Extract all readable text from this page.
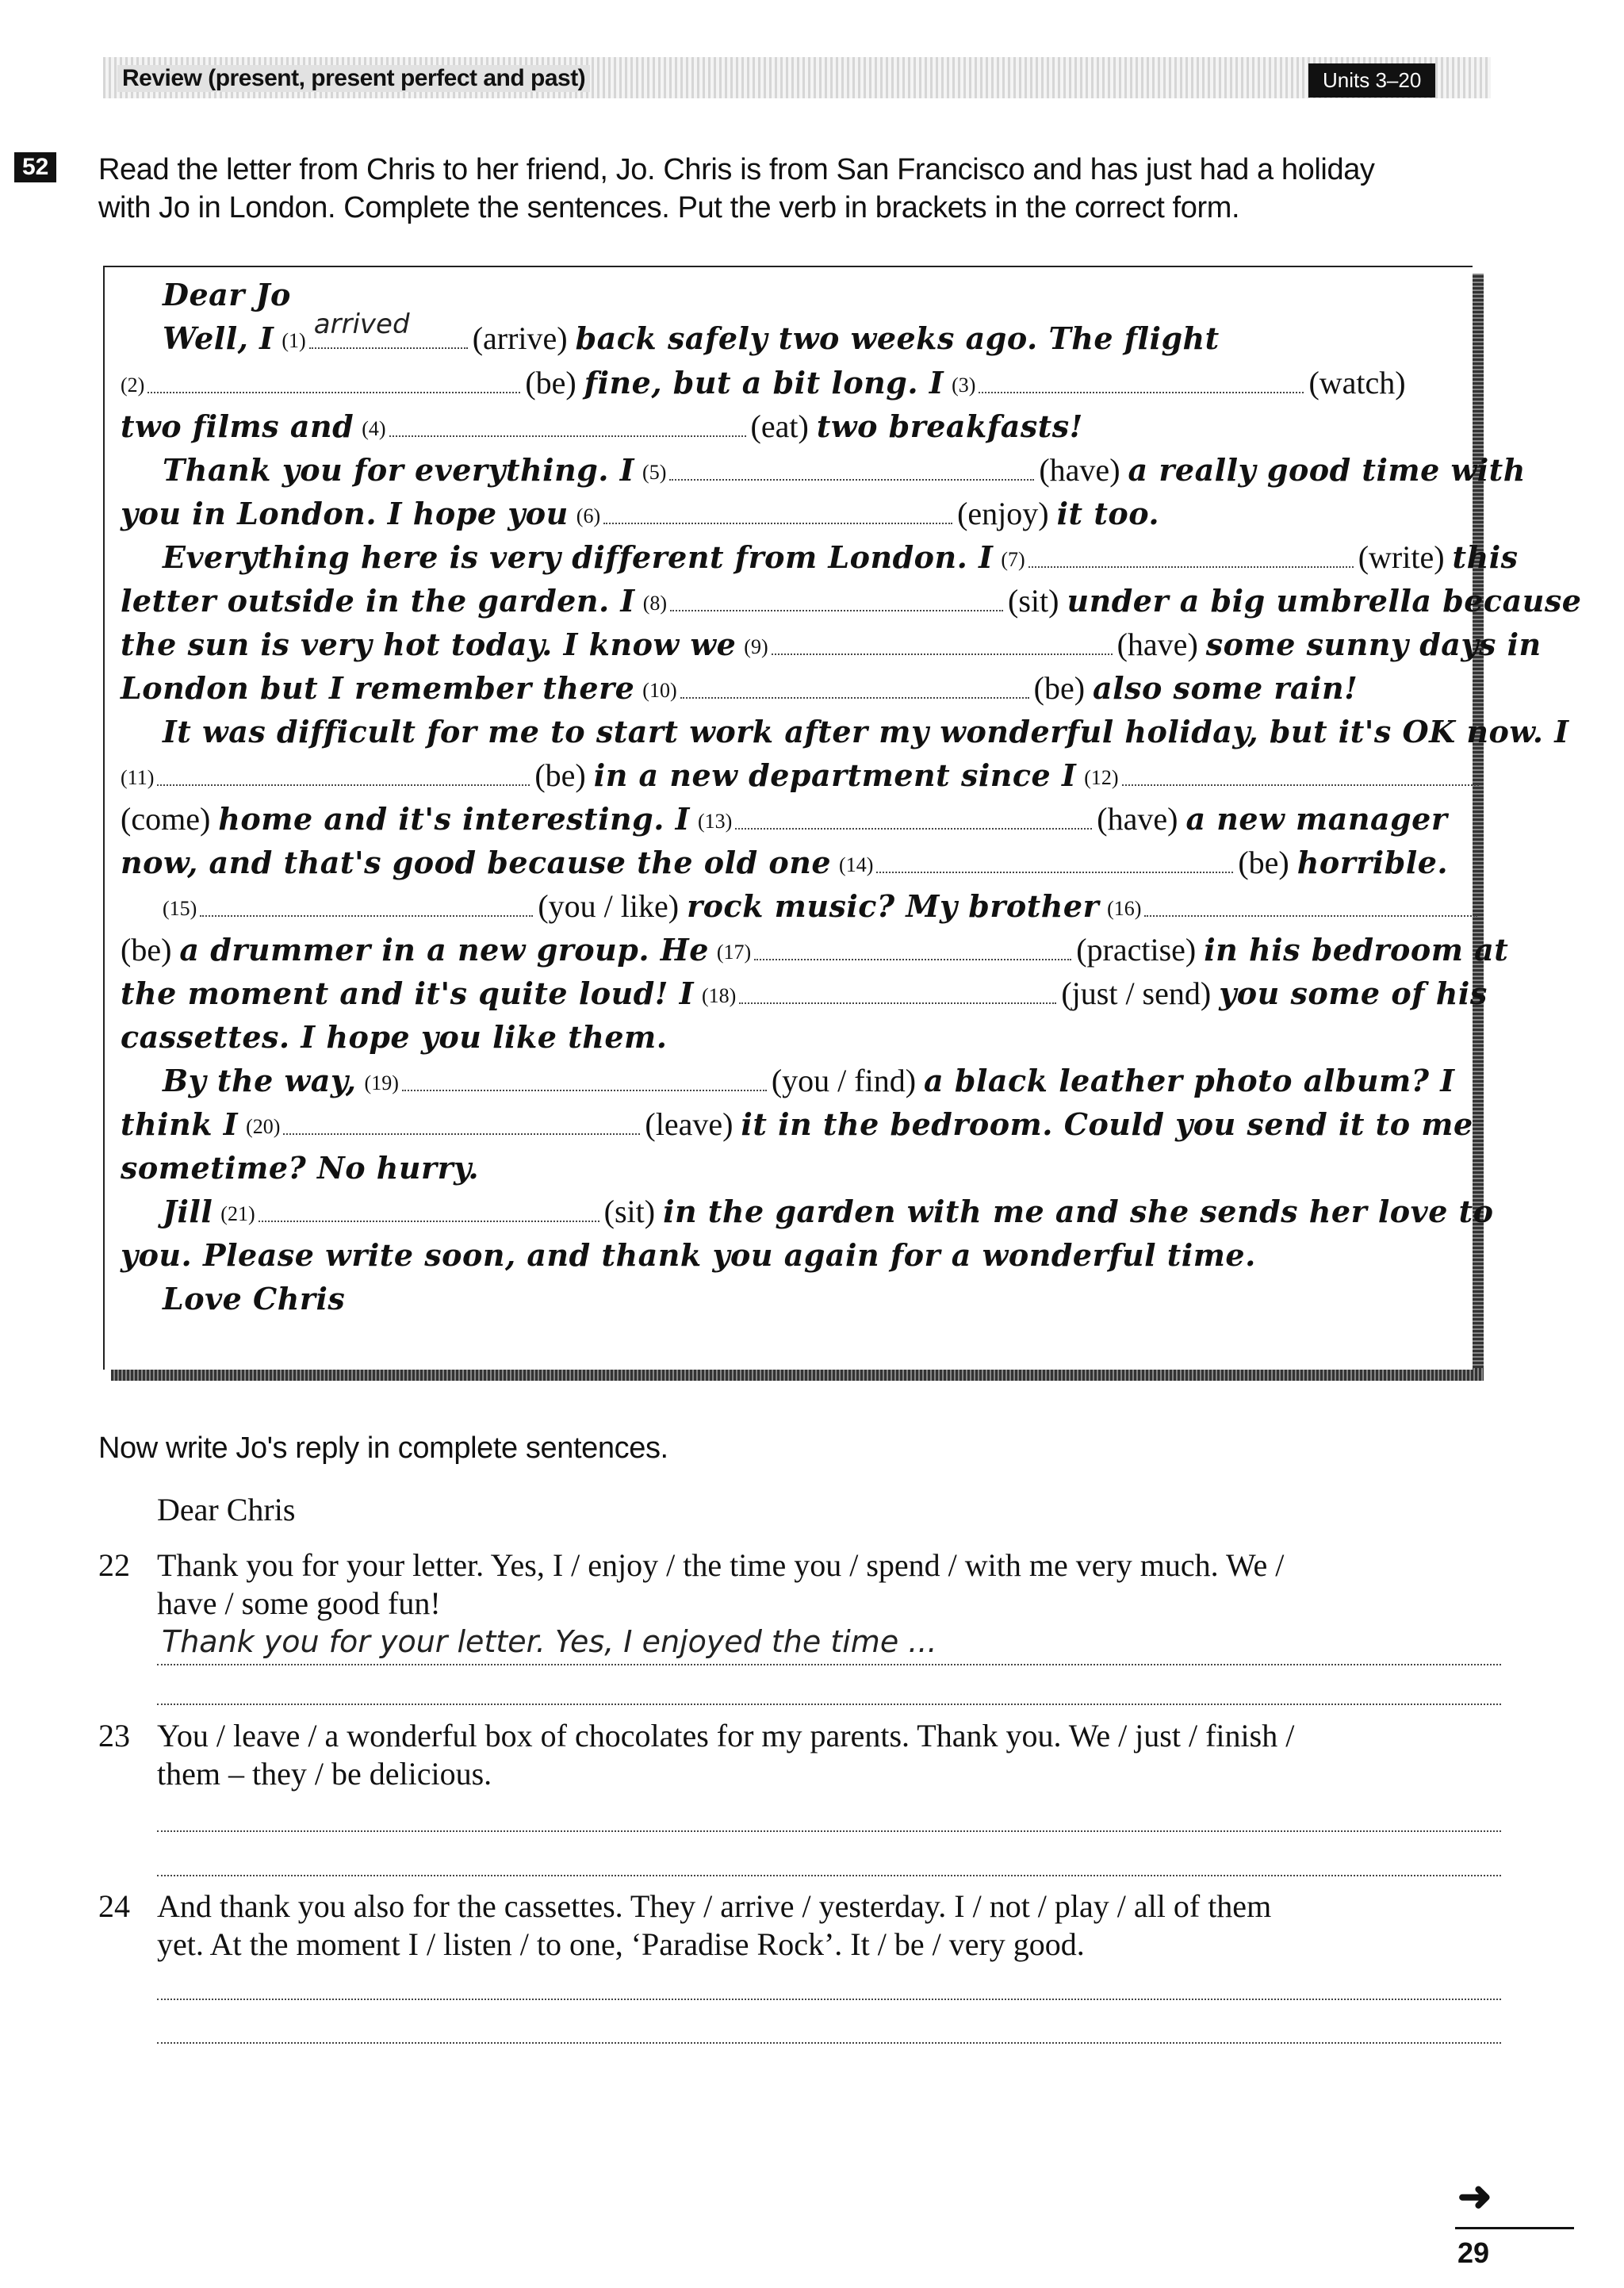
Review (present, present perfect and past)	Units 3–20
52 Read the letter from Chris to her friend, Jo. Chris is from San Francisco and has just had a holiday
with Jo in London. Complete the sentences. Put the verb in brackets in the correct form.
Dear Jo
Well, I (1)
arrived (arrive) back safely two weeks ago. The flight
(2)	(be) fine, but a bit long. I (3)	(watch)
two films and (4)	(eat) two breakfasts!
Thank you for everything. I (5)	(have) a really good time with
you in London. I hope you (6)	(enjoy) it too.
Everything here is very different from London. I (7)	(write) this
letter outside in the garden. I (8)	(sit) under a big umbrella because
the sun is very hot today. I know we (9)	(have) some sunny days in
London but I remember there (10)	(be) also some rain!
It was difficult for me to start work after my wonderful holiday, but it's OK now. I
(11)	(be) in a new department since I (12)
(come) home and it's interesting. I (13)	(have) a new manager
now, and that's good because the old one (14)	(be) horrible.
(15)	(you / like) rock music? My brother (16)
(be) a drummer in a new group. He (17)	(practise) in his bedroom at
the moment and it's quite loud! I (18)	(just / send) you some of his
cassettes. I hope you like them.
By the way, (19)	(you / find) a black leather photo album? I
think I (20)	(leave) it in the bedroom. Could you send it to me
sometime? No hurry.
Jill (21)	(sit) in the garden with me and she sends her love to
you. Please write soon, and thank you again for a wonderful time.
Love Chris
Now write Jo's reply in complete sentences.
Dear Chris
22 Thank you for your letter. Yes, I / enjoy / the time you / spend / with me very much. We /
have / some good fun!
Thank you for your letter. Yes, I enjoyed the time ...
23 You / leave / a wonderful box of chocolates for my parents. Thank you. We / just / finish /
them – they / be delicious.
24 And thank you also for the cassettes. They / arrive / yesterday. I / not / play / all of them
yet. At the moment I / listen / to one, ‘Paradise Rock’. It / be / very good.
➜
29
